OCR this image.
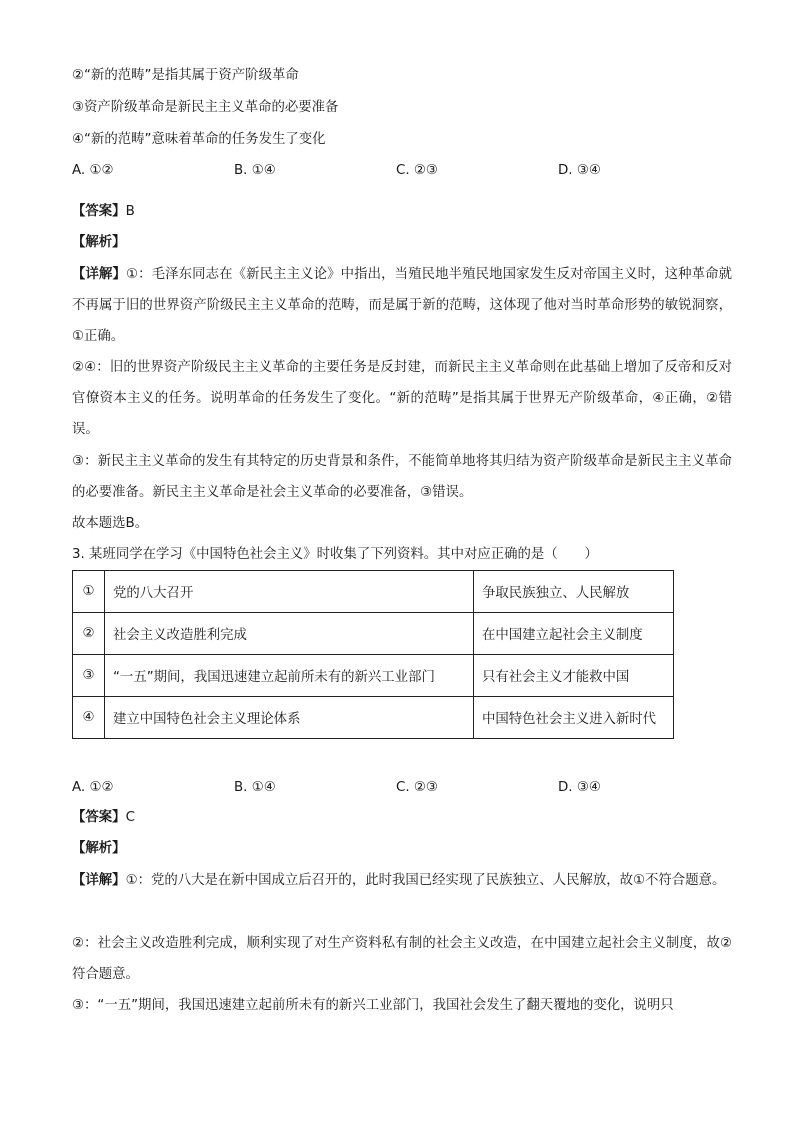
②“新的范畴”是指其属于资产阶级革命
③资产阶级革命是新民主主义革命的必要准备
④“新的范畴”意味着革命的任务发生了变化
A. ①②	B. ①④	C. ②③	D. ③④
【答案】B
【解析】
【详解】①：毛泽东同志在《新民主主义论》中指出，当殖民地半殖民地国家发生反对帝国主义时，这种革命就不再属于旧的世界资产阶级民主主义革命的范畴，而是属于新的范畴，这体现了他对当时革命形势的敏锐洞察，①正确。
②④：旧的世界资产阶级民主主义革命的主要任务是反封建，而新民主主义革命则在此基础上增加了反帝和反对官僚资本主义的任务。说明革命的任务发生了变化。“新的范畴”是指其属于世界无产阶级革命，④正确，②错误。
③：新民主主义革命的发生有其特定的历史背景和条件，不能简单地将其归结为资产阶级革命是新民主主义革命的必要准备。新民主主义革命是社会主义革命的必要准备，③错误。
故本题选B。
3. 某班同学在学习《中国特色社会主义》时收集了下列资料。其中对应正确的是（　　）
①	党的八大召开	争取民族独立、人民解放
②	社会主义改造胜利完成	在中国建立起社会主义制度
③	“一五”期间，我国迅速建立起前所未有的新兴工业部门	只有社会主义才能救中国
④	建立中国特色社会主义理论体系	中国特色社会主义进入新时代
A. ①②	B. ①④	C. ②③	D. ③④
【答案】C
【解析】
【详解】①：党的八大是在新中国成立后召开的，此时我国已经实现了民族独立、人民解放，故①不符合题意。
②：社会主义改造胜利完成，顺利实现了对生产资料私有制的社会主义改造，在中国建立起社会主义制度，故②符合题意。
③：“一五”期间，我国迅速建立起前所未有的新兴工业部门，我国社会发生了翻天覆地的变化，说明只
